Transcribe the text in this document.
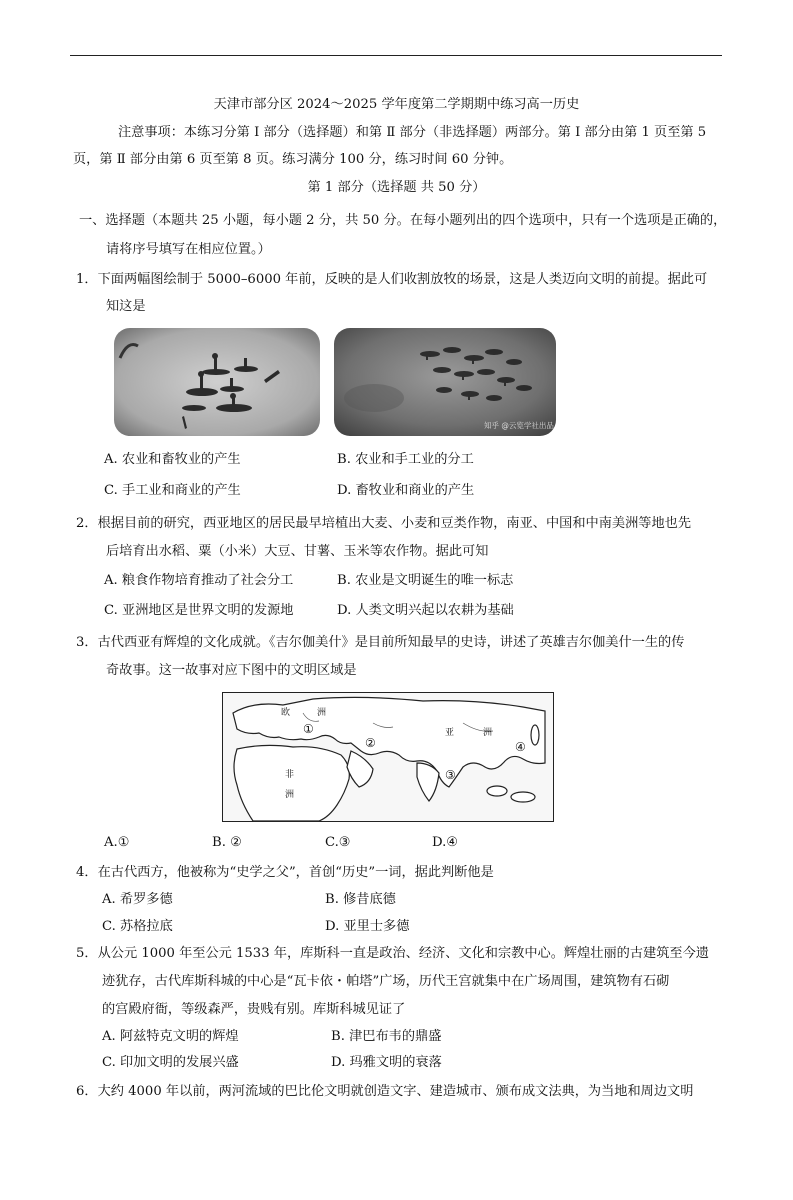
天津市部分区 2024～2025 学年度第二学期期中练习高一历史
注意事项：本练习分第 Ⅰ 部分（选择题）和第 Ⅱ 部分（非选择题）两部分。第 Ⅰ 部分由第 1 页至第 5
页，第 Ⅱ 部分由第 6 页至第 8 页。练习满分 100 分，练习时间 60 分钟。
第 1 部分（选择题 共 50 分）
一、选择题（本题共 25 小题，每小题 2 分，共 50 分。在每小题列出的四个选项中，只有一个选项是正确的，
请将序号填写在相应位置。）
1．下面两幅图绘制于 5000–6000 年前，反映的是人们收割放牧的场景，这是人类迈向文明的前提。据此可
知这是
知乎 @云览学社出品
A. 农业和畜牧业的产生	B. 农业和手工业的分工
C. 手工业和商业的产生	D. 畜牧业和商业的产生
2．根据目前的研究，西亚地区的居民最早培植出大麦、小麦和豆类作物，南亚、中国和中南美洲等地也先
后培育出水稻、粟（小米）大豆、甘薯、玉米等农作物。据此可知
A. 粮食作物培育推动了社会分工	B. 农业是文明诞生的唯一标志
C. 亚洲地区是世界文明的发源地	D. 人类文明兴起以农耕为基础
3．古代西亚有辉煌的文化成就。《吉尔伽美什》是目前所知最早的史诗，讲述了英雄吉尔伽美什一生的传
奇故事。这一故事对应下图中的文明区域是
欧	洲
亚	洲
非
洲
①
②
③
④
A.①	B. ②	C.③	D.④
4．在古代西方，他被称为“史学之父”，首创“历史”一词，据此判断他是
A. 希罗多德	B. 修昔底德
C. 苏格拉底	D. 亚里士多德
5．从公元 1000 年至公元 1533 年，库斯科一直是政治、经济、文化和宗教中心。辉煌壮丽的古建筑至今遗
迹犹存，古代库斯科城的中心是“瓦卡依・帕塔”广场，历代王宫就集中在广场周围，建筑物有石砌
的宫殿府衙，等级森严，贵贱有别。库斯科城见证了
A. 阿兹特克文明的辉煌	B. 津巴布韦的鼎盛
C. 印加文明的发展兴盛	D. 玛雅文明的衰落
6．大约 4000 年以前，两河流域的巴比伦文明就创造文字、建造城市、颁布成文法典，为当地和周边文明
